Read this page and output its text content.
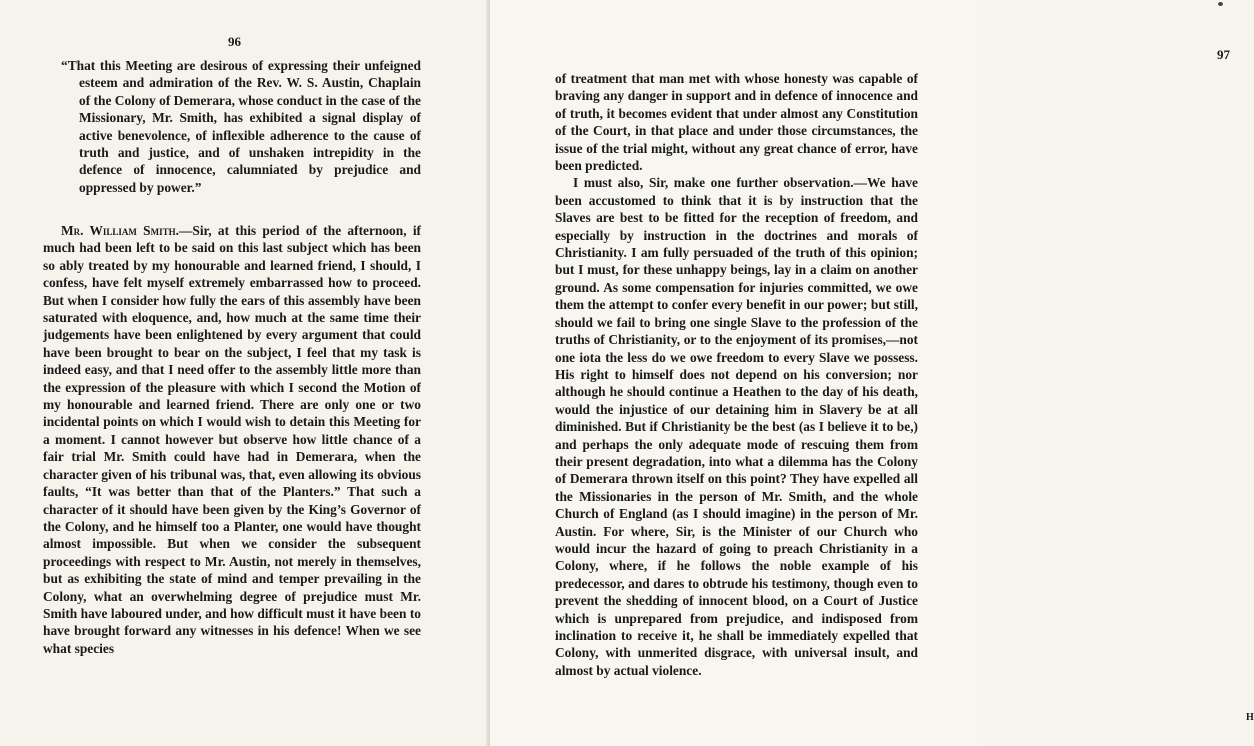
96

“That this Meeting are desirous of expressing their unfeigned esteem and admiration of the Rev. W. S. Austin, Chaplain of the Colony of Demerara, whose conduct in the case of the Missionary, Mr. Smith, has exhibited a signal display of active benevolence, of inflexible adherence to the cause of truth and justice, and of unshaken intrepidity in the defence of innocence, calumniated by prejudice and oppressed by power.”

Mr. William Smith.—Sir, at this period of the afternoon, if much had been left to be said on this last subject which has been so ably treated by my honourable and learned friend, I should, I confess, have felt myself extremely embarrassed how to proceed. But when I consider how fully the ears of this assembly have been saturated with eloquence, and, how much at the same time their judgements have been enlightened by every argument that could have been brought to bear on the subject, I feel that my task is indeed easy, and that I need offer to the assembly little more than the expression of the pleasure with which I second the Motion of my honourable and learned friend. There are only one or two incidental points on which I would wish to detain this Meeting for a moment. I cannot however but observe how little chance of a fair trial Mr. Smith could have had in Demerara, when the character given of his tribunal was, that, even allowing its obvious faults, “It was better than that of the Planters.” That such a character of it should have been given by the King’s Governor of the Colony, and he himself too a Planter, one would have thought almost impossible. But when we consider the subsequent proceedings with respect to Mr. Austin, not merely in themselves, but as exhibiting the state of mind and temper prevailing in the Colony, what an overwhelming degree of prejudice must Mr. Smith have laboured under, and how difficult must it have been to have brought forward any witnesses in his defence! When we see what species

97
H

of treatment that man met with whose honesty was capable of braving any danger in support and in defence of innocence and of truth, it becomes evident that under almost any Constitution of the Court, in that place and under those circumstances, the issue of the trial might, without any great chance of error, have been predicted.

I must also, Sir, make one further observation.—We have been accustomed to think that it is by instruction that the Slaves are best to be fitted for the reception of freedom, and especially by instruction in the doctrines and morals of Christianity. I am fully persuaded of the truth of this opinion; but I must, for these unhappy beings, lay in a claim on another ground. As some compensation for injuries committed, we owe them the attempt to confer every benefit in our power; but still, should we fail to bring one single Slave to the profession of the truths of Christianity, or to the enjoyment of its promises,—not one iota the less do we owe freedom to every Slave we possess. His right to himself does not depend on his conversion; nor although he should continue a Heathen to the day of his death, would the injustice of our detaining him in Slavery be at all diminished. But if Christianity be the best (as I believe it to be,) and perhaps the only adequate mode of rescuing them from their present degradation, into what a dilemma has the Colony of Demerara thrown itself on this point? They have expelled all the Missionaries in the person of Mr. Smith, and the whole Church of England (as I should imagine) in the person of Mr. Austin. For where, Sir, is the Minister of our Church who would incur the hazard of going to preach Christianity in a Colony, where, if he follows the noble example of his predecessor, and dares to obtrude his testimony, though even to prevent the shedding of innocent blood, on a Court of Justice which is unprepared from prejudice, and indisposed from inclination to receive it, he shall be immediately expelled that Colony, with unmerited disgrace, with universal insult, and almost by actual violence.
